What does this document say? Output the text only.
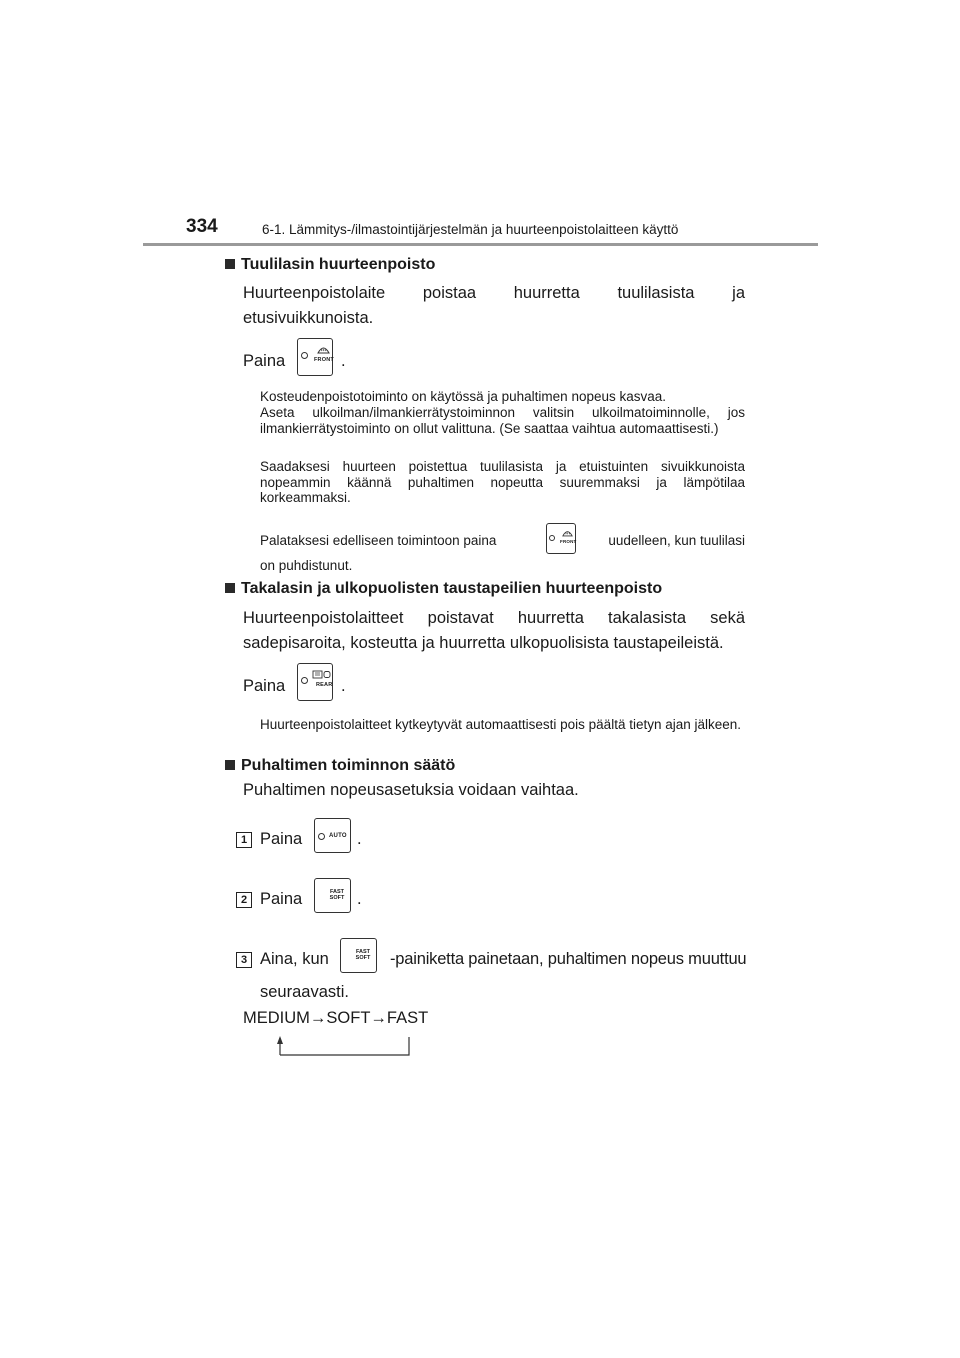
334	6-1. Lämmitys-/ilmastointijärjestelmän ja huurteenpoistolaitteen käyttö
Tuulilasin huurteenpoisto
Huurteenpoistolaite poistaa huurretta tuulilasista ja etusivuikkunoista.
Paina	FRONT .
Kosteudenpoistotoiminto on käytössä ja puhaltimen nopeus kasvaa.
Aseta ulkoilman/ilmankierrätystoiminnon valitsin ulkoilmatoiminnolle, jos ilmankierrätystoiminto on ollut valittuna. (Se saattaa vaihtua automaattisesti.)
Saadaksesi huurteen poistettua tuulilasista ja etuistuinten sivuikkunoista nopeammin käännä puhaltimen nopeutta suuremmaksi ja lämpötilaa korkeammaksi.
Palataksesi edelliseen toimintoon paina	FRONT	uudelleen, kun tuulilasi
on puhdistunut.
Takalasin ja ulkopuolisten taustapeilien huurteenpoisto
Huurteenpoistolaitteet poistavat huurretta takalasista sekä sadepisaroita, kosteutta ja huurretta ulkopuolisista taustapeileistä.
Paina	REAR .
Huurteenpoistolaitteet kytkeytyvät automaattisesti pois päältä tietyn ajan jälkeen.
Puhaltimen toiminnon säätö
Puhaltimen nopeusasetuksia voidaan vaihtaa.
1 Paina	AUTO .
2 Paina	FAST
SOFT .
3 Aina, kun	FAST
SOFT -painiketta painetaan, puhaltimen nopeus muuttuu
seuraavasti.
MEDIUM→SOFT→FAST
